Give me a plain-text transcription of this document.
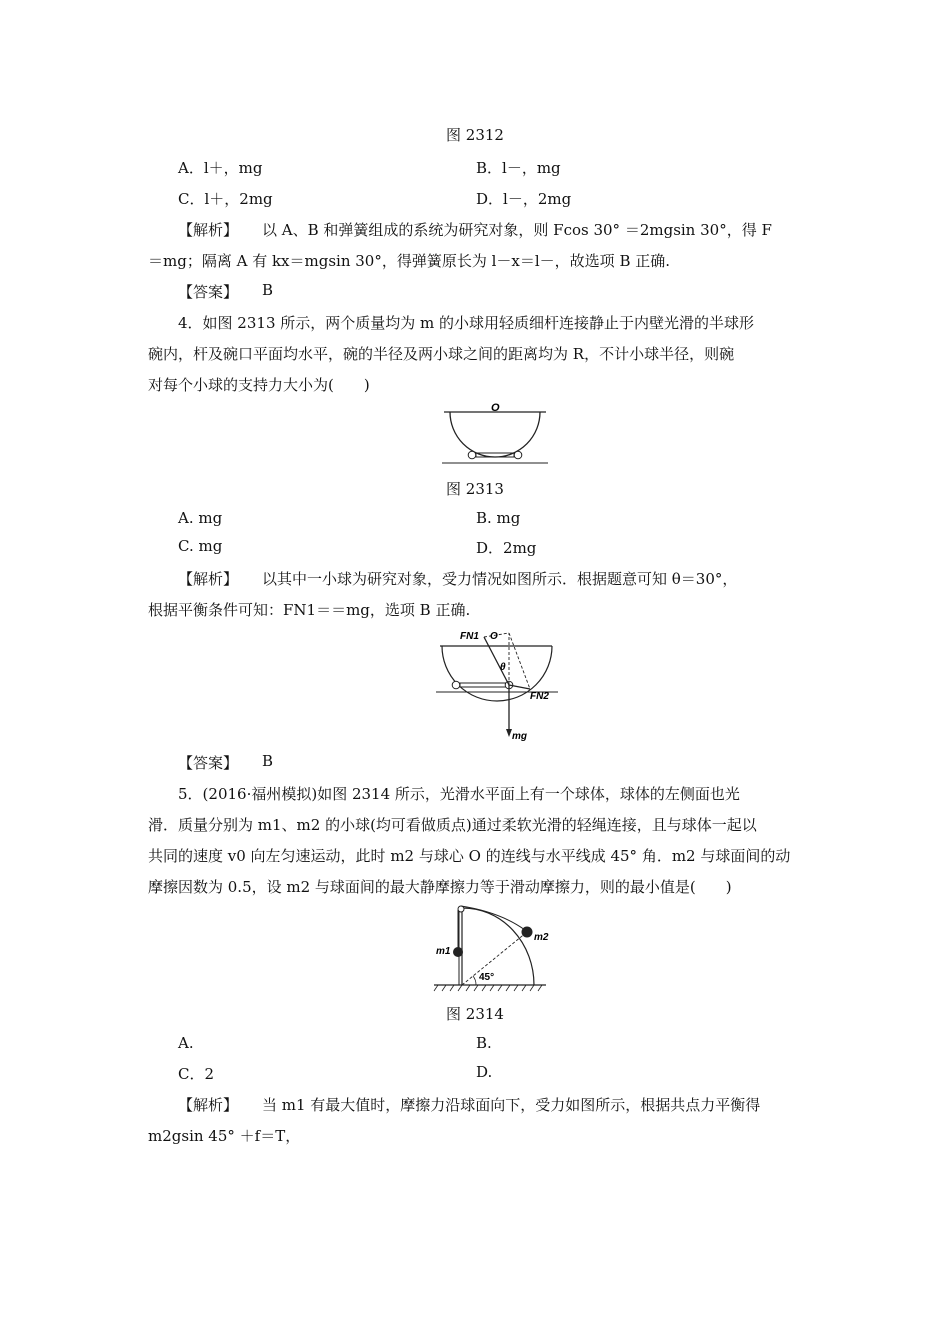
图 2312
A．l＋，mg	B．l－，mg
C．l＋，2mg	D．l－，2mg
【解析】 以 A、B 和弹簧组成的系统为研究对象，则 Fcos 30° ＝2mgsin 30°，得 F
＝mg；隔离 A 有 kx＝mgsin 30°，得弹簧原长为 l－x＝l－，故选项 B 正确.
【答案】 B
4．如图 2313 所示，两个质量均为 m 的小球用轻质细杆连接静止于内壁光滑的半球形
碗内，杆及碗口平面均水平，碗的半径及两小球之间的距离均为 R，不计小球半径，则碗
对每个小球的支持力大小为(　　)
O
图 2313
A. mg	B. mg
C. mg	D．2mg
【解析】 以其中一小球为研究对象，受力情况如图所示．根据题意可知 θ＝30°，
根据平衡条件可知：FN1＝＝mg，选项 B 正确.
FN1 O
θ
FN2
mg
【答案】 B
5．(2016·福州模拟)如图 2314 所示，光滑水平面上有一个球体，球体的左侧面也光
滑．质量分别为 m1、m2 的小球(均可看做质点)通过柔软光滑的轻绳连接，且与球体一起以
共同的速度 v0 向左匀速运动，此时 m2 与球心 O 的连线与水平线成 45° 角．m2 与球面间的动
摩擦因数为 0.5，设 m2 与球面间的最大静摩擦力等于滑动摩擦力，则的最小值是(　　)
m1
m2
45°
图 2314
A.	B.
C．2	D.
【解析】 当 m1 有最大值时，摩擦力沿球面向下，受力如图所示，根据共点力平衡得
m2gsin 45° ＋f＝T，
